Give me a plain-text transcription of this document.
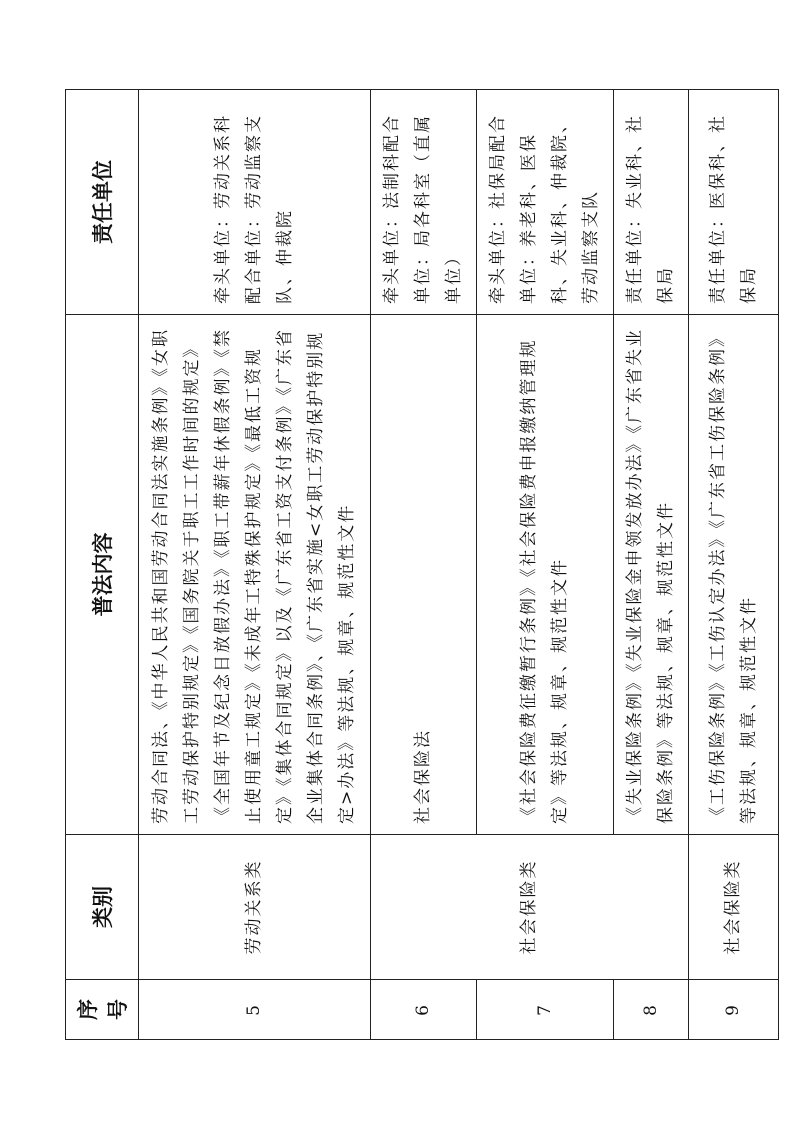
序号	类别	普法内容	责任单位
5	劳动关系类	劳动合同法、《中华人民共和国劳动合同法实施条例》《女职工劳动保护特别规定》《国务院关于职工工作时间的规定》《全国年节及纪念日放假办法》《职工带薪年休假条例》《禁止使用童工规定》《未成年工特殊保护规定》《最低工资规定》《集体合同规定》以及《广东省工资支付条例》《广东省企业集体合同条例》、《广东省实施<女职工劳动保护特别规定>办法》等法规、规章、规范性文件	牵头单位：劳动关系科配合单位：劳动监察支队、仲裁院
6	社会保险类	社会保险法	牵头单位：法制科配合单位：局各科室（直属单位）
7		《社会保险费征缴暂行条例》《社会保险费申报缴纳管理规定》等法规、规章、规范性文件	牵头单位：社保局配合单位：养老科、医保科、失业科、仲裁院、劳动监察支队
8		《失业保险条例》《失业保险金申领发放办法》《广东省失业保险条例》等法规、规章、规范性文件	责任单位：失业科、社保局
9	社会保险类	《工伤保险条例》《工伤认定办法》《广东省工伤保险条例》等法规、规章、规范性文件	责任单位：医保科、社保局
